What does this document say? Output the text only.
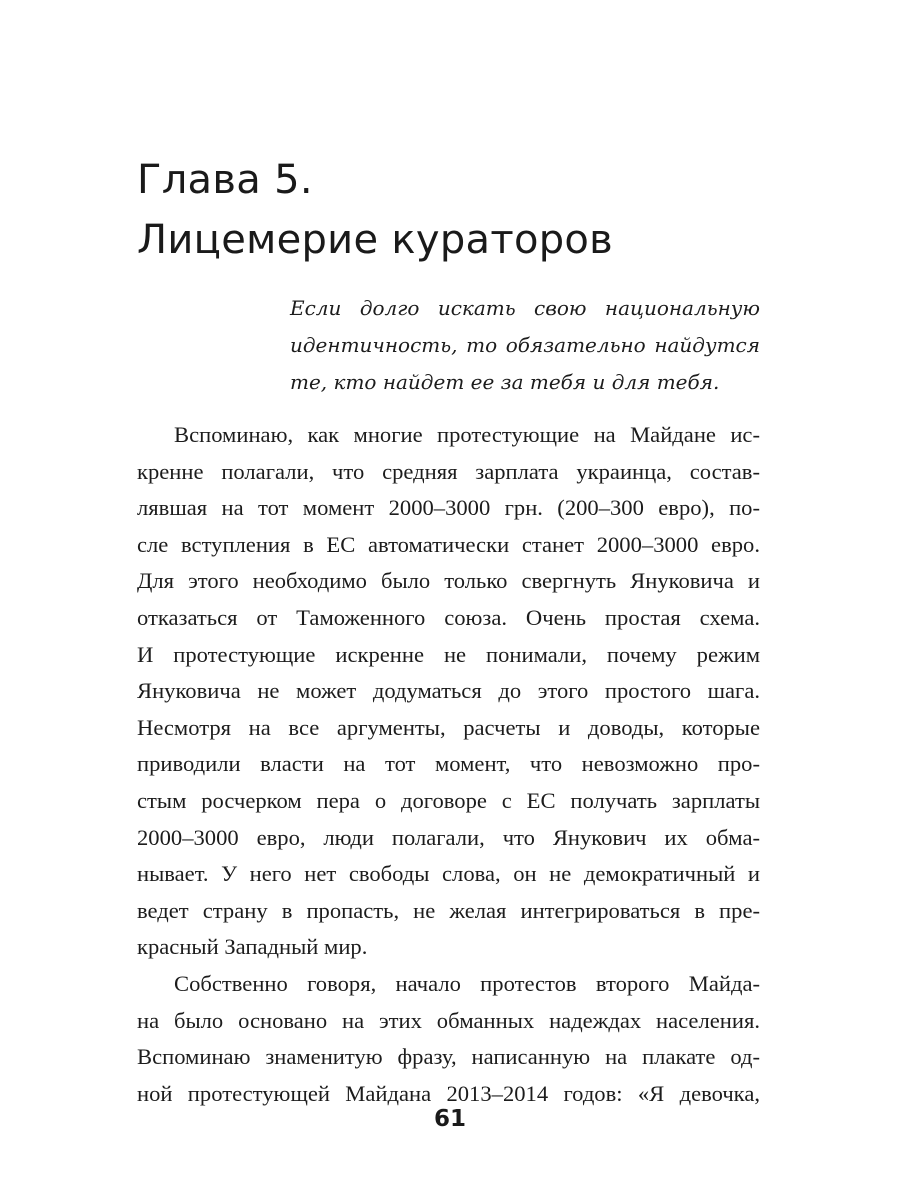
Глава 5.
Лицемерие кураторов
Если долго искать свою национальную
идентичность, то обязательно найдутся
те, кто найдет ее за тебя и для тебя.
Вспоминаю, как многие протестующие на Майдане ис-
кренне полагали, что средняя зарплата украинца, состав-
лявшая на тот момент 2000–3000 грн. (200–300 евро), по-
сле вступления в ЕС автоматически станет 2000–3000 евро.
Для этого необходимо было только свергнуть Януковича и
отказаться от Таможенного союза. Очень простая схема.
И протестующие искренне не понимали, почему режим
Януковича не может додуматься до этого простого шага.
Несмотря на все аргументы, расчеты и доводы, которые
приводили власти на тот момент, что невозможно про-
стым росчерком пера о договоре с ЕС получать зарплаты
2000–3000 евро, люди полагали, что Янукович их обма-
нывает. У него нет свободы слова, он не демократичный и
ведет страну в пропасть, не желая интегрироваться в пре-
красный Западный мир.
Собственно говоря, начало протестов второго Майда-
на было основано на этих обманных надеждах населения.
Вспоминаю знаменитую фразу, написанную на плакате од-
ной протестующей Майдана 2013–2014 годов: «Я девочка,
61
